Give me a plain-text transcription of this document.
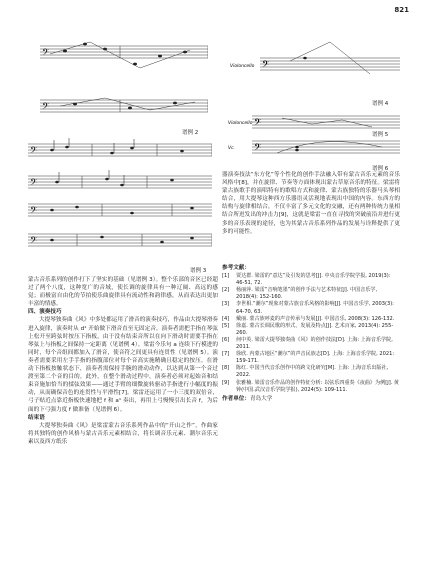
821
𝄢
𝄢
谱例 2
𝄢
𝄢
𝄢
𝄢
谱例 3
Violoncello 𝄢
谱例 4
Violoncello 𝄢
谱例 5
Vc. 𝄢
谱例 6

蒙古音乐系列的创作打下了坚实的基础（见谱例 3）。整个乐部的音区已经超过了两个八度，这种宽广的音域，使长调的旋律具有一种辽阔、高远的感觉；而极富自由化的节拍使乐曲旋律具有流动性和韵律感，从而表达出更加丰富的情感。

四、演奏技巧

大提琴独奏曲《风》中多处都运用了滑音的演奏技巧，作品由大提琴滑奏进入旋律，演奏时从 d¹ 开始做下滑音直至无固定音，演奏者需把手指在琴弦上松开至跨弦时按压下指板，由于没有结束音所以在向下滑动时需要手指在琴弦上与指板之间保持一定距离（见谱例 4）。梁雷今乐句 a 连续下行模进的同时，每个音组间都加入了滑音，使音符之间更具有连贯性（见谱例 5）。演奏者需要采用左手手指的指腹部位对每个音高实施精确且稳定的按压。在滑动下指板按触状态下，演奏者需保持手腕的滑动动作，以达到从第一个音过渡至第二个音的目的。此外，在整个滑动过程中，演奏者必须对起始音和结束音施加恰当的揉弦效果——通过手臂的细微旋转驱动手指进行小幅度的振动，从而确保音色的连贯性与平滑性[7]。梁雷还运用了一小三度的双倍音，弓子贴近点靠近指板快速地把 f 和 a¹ 奏出，再用上弓慢慢引出长音 f，为后面的下弓强力度 f 做准备（见谱例 6）。

结束语

大提琴独奏曲《风》是梁雷蒙古音乐系列作品中的“开山之作”，作曲家将其独特的创作风格与蒙古音乐元素相结合，将长调音乐元素、潮尔音乐元素以及西方纸乐

器演奏技法“东方化”等个性化的创作手法融入带有蒙古音乐元素的音乐风格中[8]，并在旋律、节奏等方面体现出蒙古草原音乐的特征。梁雷将蒙古族歌手的演唱特有的歌唱方式和旋律、蒙古族独特的乐器马头琴相结合，用大提琴这种西方乐器语灵活现地表现出中国的内容。东西方的结构与旋律相结合，不仅丰富了多元文化的交融，还有两种传统力量相结合所迸发出的冲击力[9]，这就是梁雷一直在寻找的突破前沿并进行更多的音乐表现的途径，也为其蒙古音乐系列作品的发展与诠释提供了更多的可能性。

参考文献：
[1]	贾达群. 梁雷的“意达”及引发的思考[J]. 中央音乐学院学报, 2019(3): 46-51, 72.
[2]	杨丽萍. 梁雷“音响笔墨”的创作手法与艺术特征[J]. 中国音乐学, 2018(4): 152-160.
[3]	李世相.“潮尔”现象对蒙古族音乐风格的影响[J]. 中国音乐学, 2003(3): 64-70, 63.
[4]	戴丽. 蒙古族呼麦的声音传承与发展[J]. 中国音乐, 2008(3): 126-132.
[5]	徐嘉. 蒙古长调民歌的形式、发展及特点[J]. 艺术百家, 2013(4): 255-260.
[6]	何中英. 梁雷大提琴独奏曲《风》的创作技法[D]. 上海: 上海音乐学院, 2011.
[7]	徐欣. 内蒙古地区“潮尔”的声音民族志[D]. 上海: 上海音乐学院, 2021: 159-171.
[8]	陈红. 中国当代音乐创作中的跨文化研究[M]. 上海: 上海音乐出版社, 2022.
[9]	张雅楠. 梁雷音乐作品的创作特征分析: 以弦乐四重奏《夜曲》为例[J]. 黄钟(中国.武汉音乐学院学报), 2024(5): 109-111.
作者单位：青岛大学
